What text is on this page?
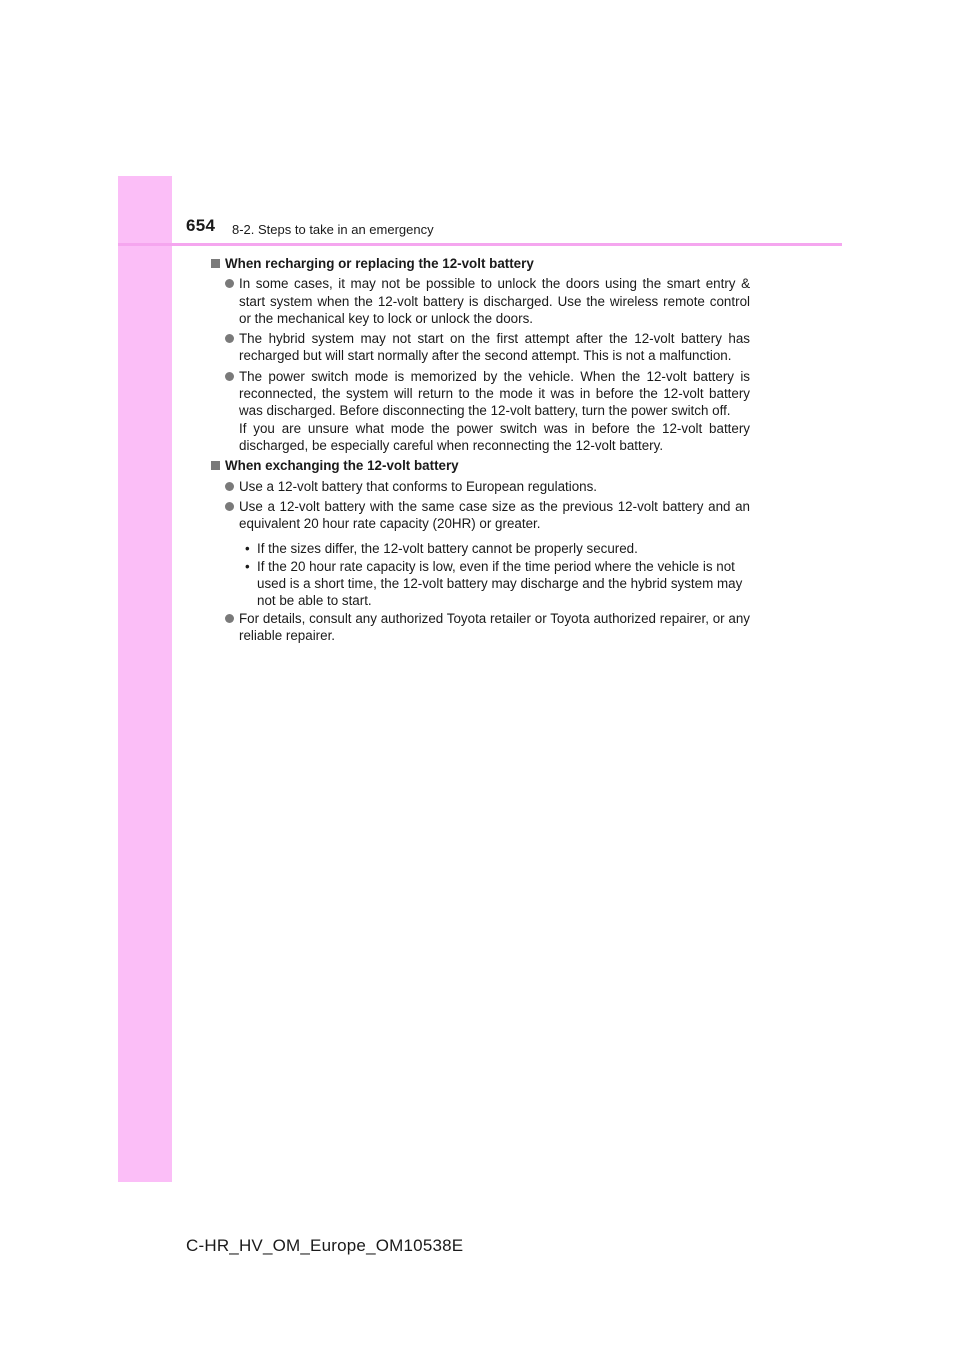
654 8-2. Steps to take in an emergency
When recharging or replacing the 12-volt battery

In some cases, it may not be possible to unlock the doors using the smart entry & start system when the 12-volt battery is discharged. Use the wireless remote control or the mechanical key to lock or unlock the doors.

The hybrid system may not start on the first attempt after the 12-volt battery has recharged but will start normally after the second attempt. This is not a malfunction.

The power switch mode is memorized by the vehicle. When the 12-volt battery is reconnected, the system will return to the mode it was in before the 12-volt battery was discharged. Before disconnecting the 12-volt battery, turn the power switch off.

If you are unsure what mode the power switch was in before the 12-volt battery discharged, be especially careful when reconnecting the 12-volt battery.

When exchanging the 12-volt battery

Use a 12-volt battery that conforms to European regulations.

Use a 12-volt battery with the same case size as the previous 12-volt battery and an equivalent 20 hour rate capacity (20HR) or greater.

• If the sizes differ, the 12-volt battery cannot be properly secured.
• If the 20 hour rate capacity is low, even if the time period where the vehicle is not used is a short time, the 12-volt battery may discharge and the hybrid system may not be able to start.

For details, consult any authorized Toyota retailer or Toyota authorized repairer, or any reliable repairer.

C-HR_HV_OM_Europe_OM10538E
